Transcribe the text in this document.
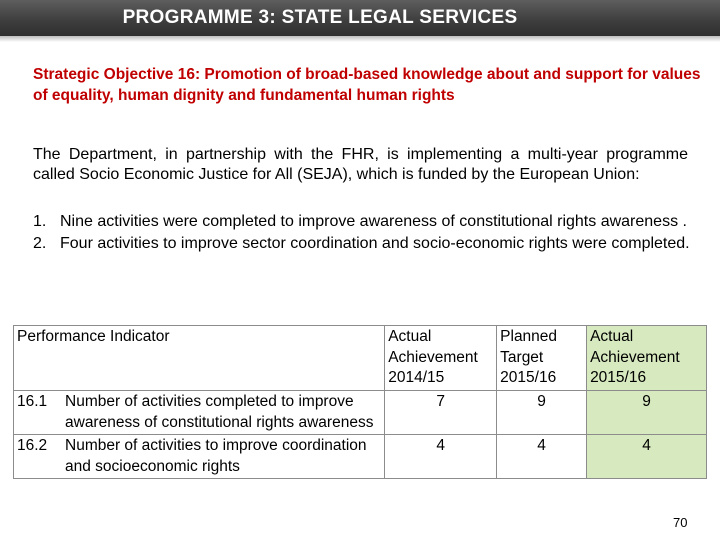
PROGRAMME 3: STATE LEGAL SERVICES
Strategic Objective 16: Promotion of broad-based knowledge about and support for values of equality, human dignity and fundamental human rights
The Department, in partnership with the FHR, is implementing a multi-year programme called Socio Economic Justice for All (SEJA), which is funded by the European Union:
1. Nine activities were completed to improve awareness of constitutional rights awareness .
2. Four activities to improve sector coordination and socio-economic rights were completed.
Performance Indicator	Actual Achievement 2014/15	Planned Target 2015/16	Actual Achievement 2015/16

16.1 Number of activities completed to improve awareness of constitutional rights awareness	7	9	9

16.2 Number of activities to improve coordination and socioeconomic rights	4	4	4
70
